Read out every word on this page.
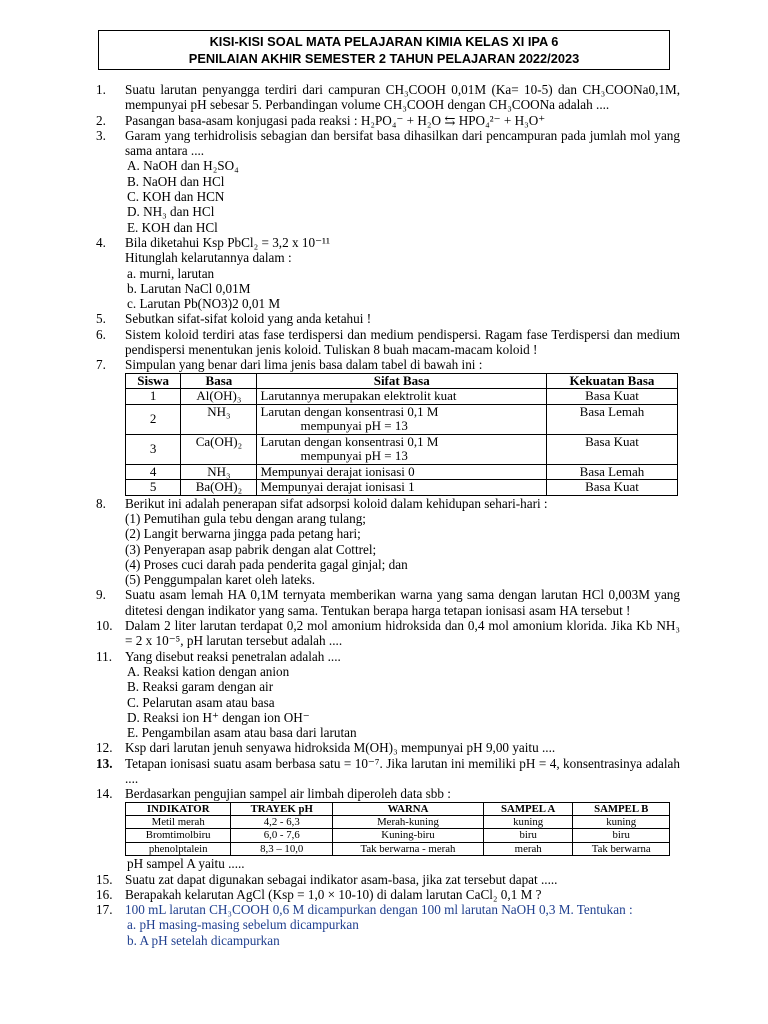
KISI-KISI SOAL MATA PELAJARAN KIMIA KELAS XI IPA 6
PENILAIAN AKHIR SEMESTER 2 TAHUN PELAJARAN 2022/2023
1. Suatu larutan penyangga terdiri dari campuran CH₃COOH 0,01M (Ka= 10-5) dan CH₃COONa0,1M, mempunyai pH sebesar 5. Perbandingan volume CH₃COOH dengan CH₃COONa adalah ....

2. Pasangan basa-asam konjugasi pada reaksi : H₂PO₄⁻ + H₂O ⇆ HPO₄²⁻ + H₃O⁺

3. Garam yang terhidrolisis sebagian dan bersifat basa dihasilkan dari pencampuran pada jumlah mol yang sama antara ....

A. NaOH dan H₂SO₄
B. NaOH dan HCl
C. KOH dan HCN
D. NH₃ dan HCl
E. KOH dan HCl
4. Bila diketahui Ksp PbCl₂ = 3,2 x 10⁻¹¹

Hitunglah kelarutannya dalam :
a. murni, larutan
b. Larutan NaCl 0,01M
c. Larutan Pb(NO3)2 0,01 M
5. Sebutkan sifat-sifat koloid yang anda ketahui !

6. Sistem koloid terdiri atas fase terdispersi dan medium pendispersi. Ragam fase Terdispersi dan medium pendispersi menentukan jenis koloid. Tuliskan 8 buah macam-macam koloid !

7. Simpulan yang benar dari lima jenis basa dalam tabel di bawah ini :

Siswa	Basa	Sifat Basa	Kekuatan Basa
1	Al(OH)₃	Larutannya merupakan elektrolit kuat	Basa Kuat
2	NH₃	Larutan dengan konsentrasi 0,1 M
mempunyai pH = 13	Basa Lemah
3	Ca(OH)₂	Larutan dengan konsentrasi 0,1 M
mempunyai pH = 13	Basa Kuat
4	NH₃	Mempunyai derajat ionisasi 0	Basa Lemah
5	Ba(OH)₂	Mempunyai derajat ionisasi 1	Basa Kuat
8. Berikut ini adalah penerapan sifat adsorpsi koloid dalam kehidupan sehari-hari :

(1) Pemutihan gula tebu dengan arang tulang;
(2) Langit berwarna jingga pada petang hari;
(3) Penyerapan asap pabrik dengan alat Cottrel;
(4) Proses cuci darah pada penderita gagal ginjal; dan
(5) Penggumpalan karet oleh lateks.
9. Suatu asam lemah HA 0,1M ternyata memberikan warna yang sama dengan larutan HCl 0,003M yang ditetesi dengan indikator yang sama. Tentukan berapa harga tetapan ionisasi asam HA tersebut !

10. Dalam 2 liter larutan terdapat 0,2 mol amonium hidroksida dan 0,4 mol amonium klorida. Jika Kb NH₃ = 2 x 10⁻⁵, pH larutan tersebut adalah ....

11. Yang disebut reaksi penetralan adalah ....

A. Reaksi kation dengan anion
B. Reaksi garam dengan air
C. Pelarutan asam atau basa
D. Reaksi ion H⁺ dengan ion OH⁻
E. Pengambilan asam atau basa dari larutan
12. Ksp dari larutan jenuh senyawa hidroksida M(OH)₃ mempunyai pH 9,00 yaitu ....

13. Tetapan ionisasi suatu asam berbasa satu = 10⁻⁷. Jika larutan ini memiliki pH = 4, konsentrasinya adalah ....

14. Berdasarkan pengujian sampel air limbah diperoleh data sbb :

INDIKATOR	TRAYEK pH	WARNA	SAMPEL A	SAMPEL B
Metil merah	4,2 - 6,3	Merah-kuning	kuning	kuning
Bromtimolbiru	6,0 - 7,6	Kuning-biru	biru	biru
phenolptalein	8,3 – 10,0	Tak berwarna - merah	merah	Tak berwarna
pH sampel A yaitu .....
15. Suatu zat dapat digunakan sebagai indikator asam-basa, jika zat tersebut dapat .....

16. Berapakah kelarutan AgCl (Ksp = 1,0 × 10-10) di dalam larutan CaCl₂ 0,1 M ?

17. 100 mL larutan CH₃COOH 0,6 M dicampurkan dengan 100 ml larutan NaOH 0,3 M. Tentukan :

a. pH masing-masing sebelum dicampurkan
b. A pH setelah dicampurkan
